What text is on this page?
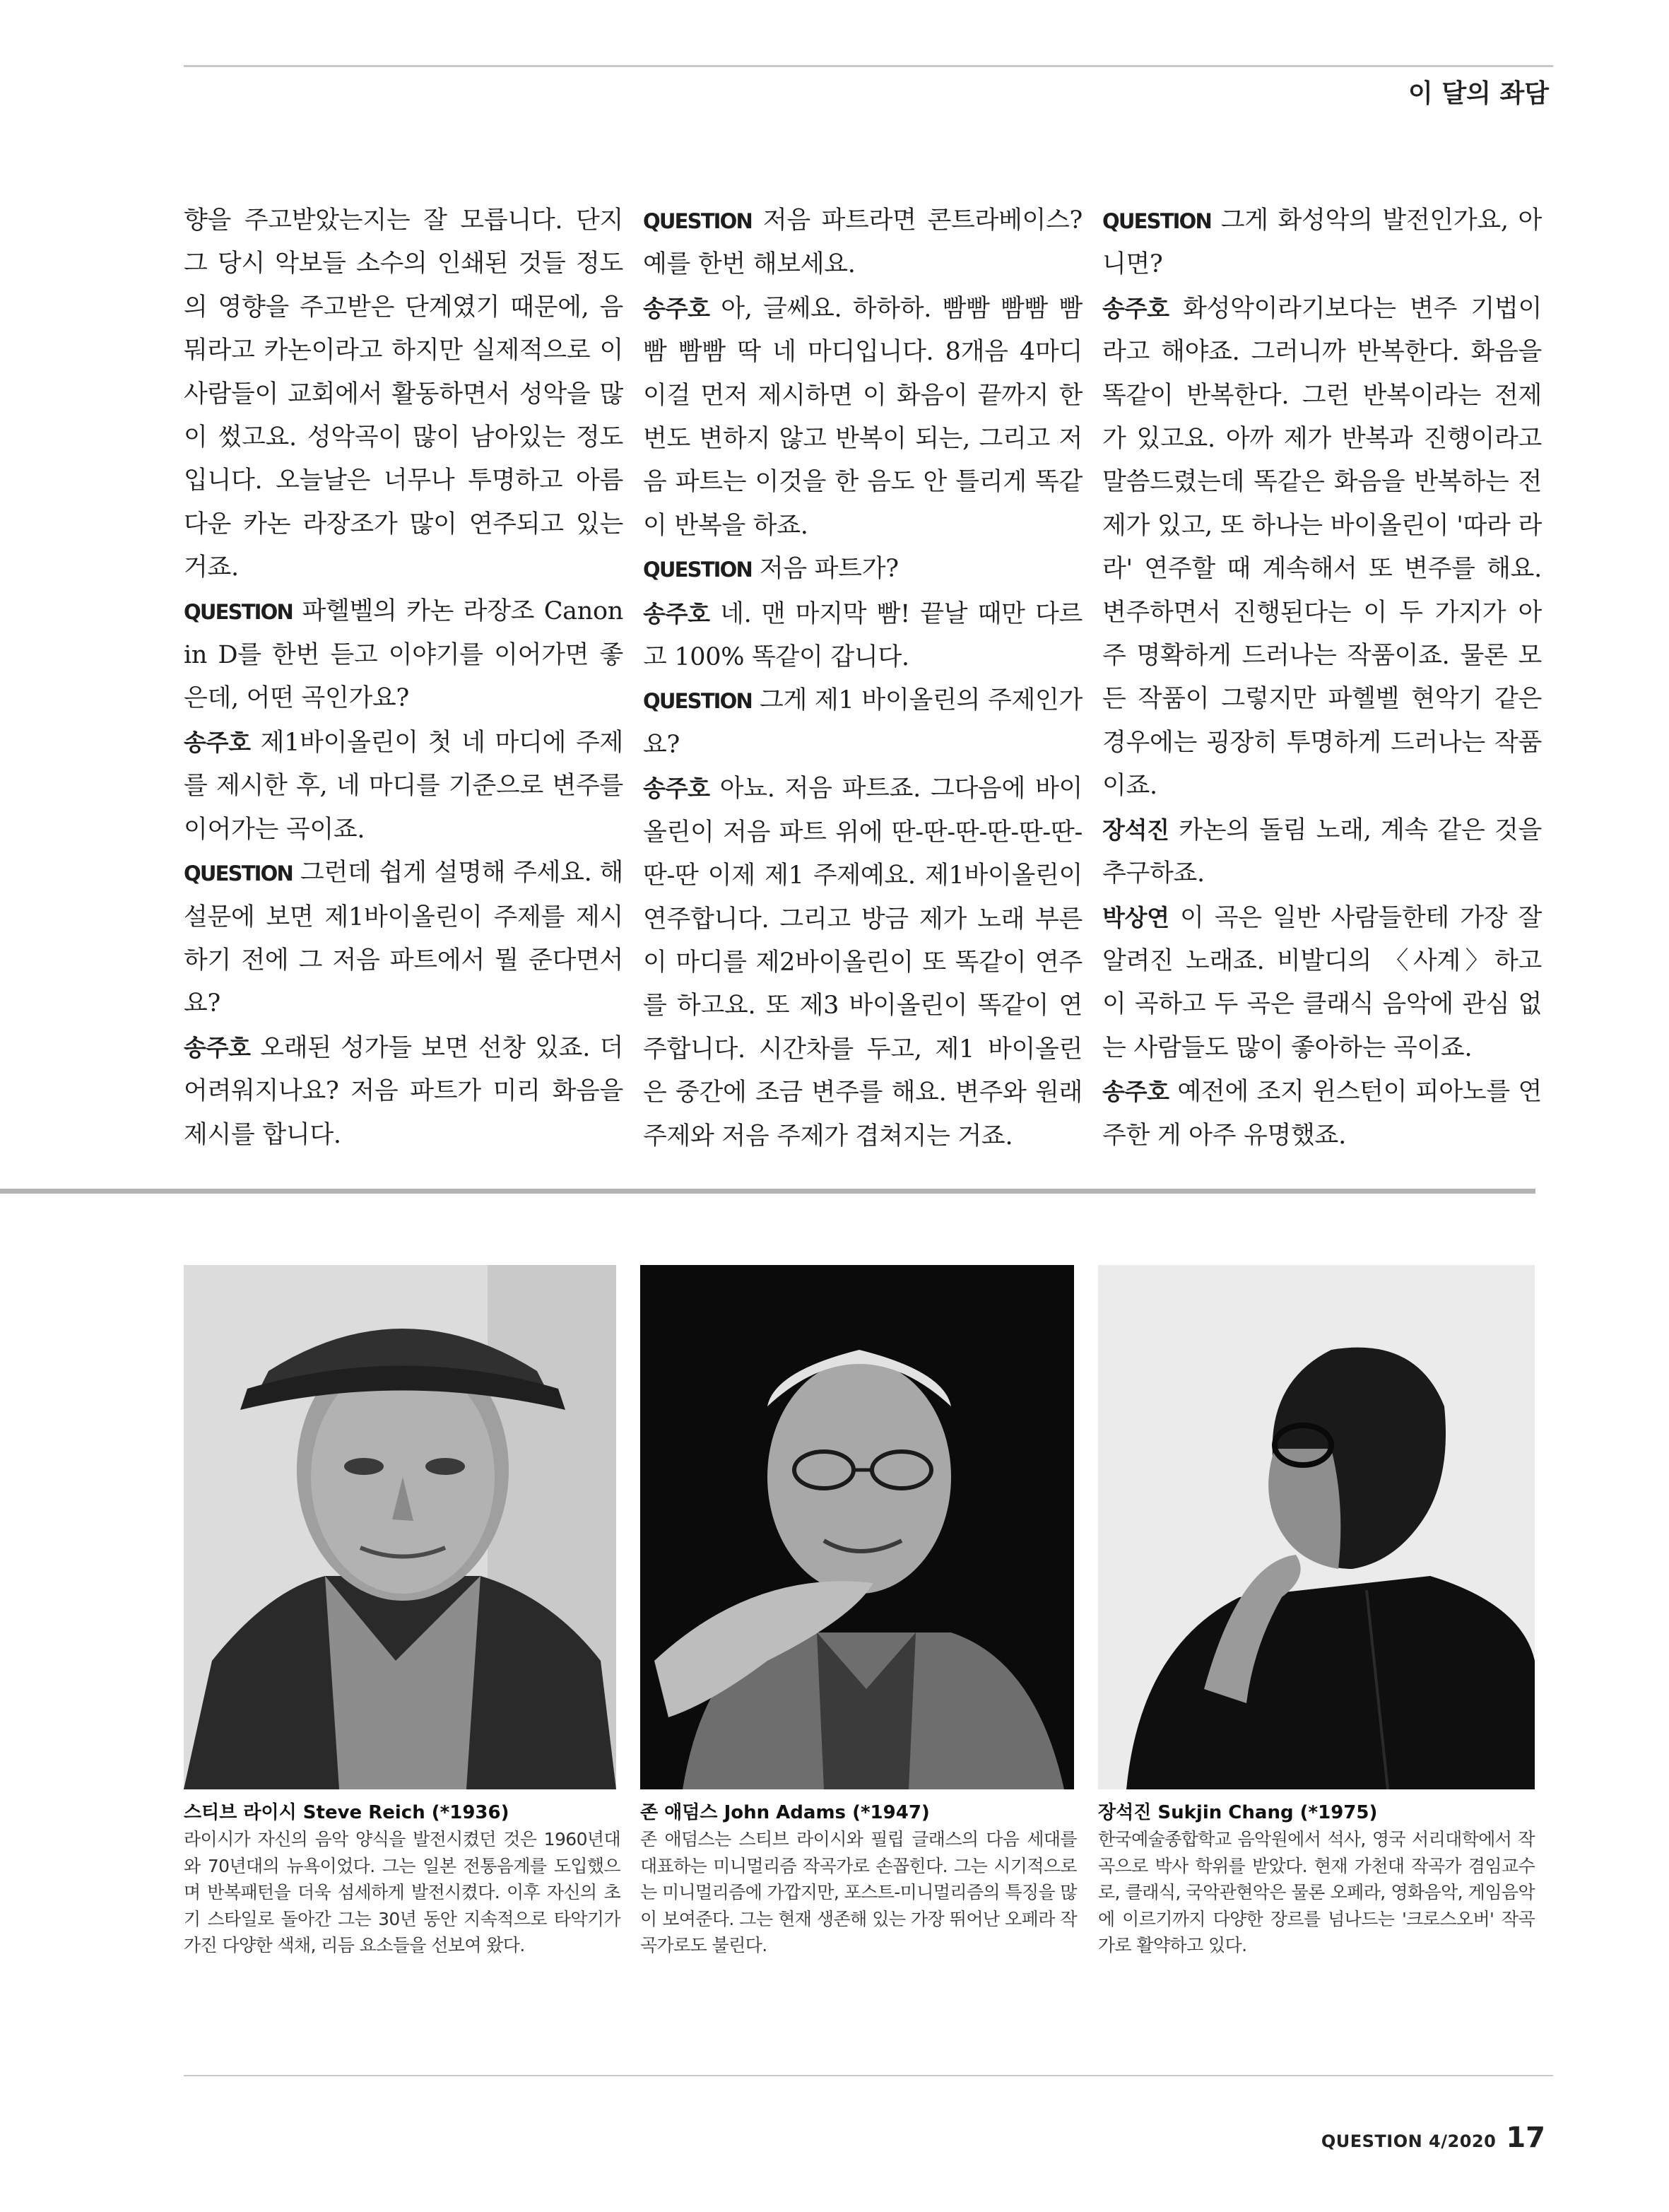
이 달의 좌담

향을 주고받았는지는 잘 모릅니다. 단지 그 당시 악보들 소수의 인쇄된 것들 정도의 영향을 주고받은 단계였기 때문에, 음 뭐라고 카논이라고 하지만 실제적으로 이 사람들이 교회에서 활동하면서 성악을 많이 썼고요. 성악곡이 많이 남아있는 정도입니다. 오늘날은 너무나 투명하고 아름다운 카논 라장조가 많이 연주되고 있는 거죠.

QUESTION 파헬벨의 카논 라장조 Canon in D를 한번 듣고 이야기를 이어가면 좋은데, 어떤 곡인가요?

송주호 제1바이올린이 첫 네 마디에 주제를 제시한 후, 네 마디를 기준으로 변주를 이어가는 곡이죠.

QUESTION 그런데 쉽게 설명해 주세요. 해설문에 보면 제1바이올린이 주제를 제시하기 전에 그 저음 파트에서 뭘 준다면서요?

송주호 오래된 성가들 보면 선창 있죠. 더 어려워지나요? 저음 파트가 미리 화음을 제시를 합니다.

QUESTION 저음 파트라면 콘트라베이스? 예를 한번 해보세요.

송주호 아, 글쎄요. 하하하. 빰빰 빰빰 빰빰 빰빰 딱 네 마디입니다. 8개음 4마디 이걸 먼저 제시하면 이 화음이 끝까지 한 번도 변하지 않고 반복이 되는, 그리고 저음 파트는 이것을 한 음도 안 틀리게 똑같이 반복을 하죠.

QUESTION 저음 파트가?

송주호 네. 맨 마지막 빰! 끝날 때만 다르고 100% 똑같이 갑니다.

QUESTION 그게 제1 바이올린의 주제인가요?

송주호 아뇨. 저음 파트죠. 그다음에 바이올린이 저음 파트 위에 딴-딴-딴-딴-딴-딴-딴-딴 이제 제1 주제예요. 제1바이올린이 연주합니다. 그리고 방금 제가 노래 부른 이 마디를 제2바이올린이 또 똑같이 연주를 하고요. 또 제3 바이올린이 똑같이 연주합니다. 시간차를 두고, 제1 바이올린은 중간에 조금 변주를 해요. 변주와 원래 주제와 저음 주제가 겹쳐지는 거죠.

QUESTION 그게 화성악의 발전인가요, 아니면?

송주호 화성악이라기보다는 변주 기법이라고 해야죠. 그러니까 반복한다. 화음을 똑같이 반복한다. 그런 반복이라는 전제가 있고요. 아까 제가 반복과 진행이라고 말씀드렸는데 똑같은 화음을 반복하는 전제가 있고, 또 하나는 바이올린이 '따라 라라' 연주할 때 계속해서 또 변주를 해요. 변주하면서 진행된다는 이 두 가지가 아주 명확하게 드러나는 작품이죠. 물론 모든 작품이 그렇지만 파헬벨 현악기 같은 경우에는 굉장히 투명하게 드러나는 작품이죠.

장석진 카논의 돌림 노래, 계속 같은 것을 추구하죠.

박상연 이 곡은 일반 사람들한테 가장 잘 알려진 노래죠. 비발디의 〈사계〉하고 이 곡하고 두 곡은 클래식 음악에 관심 없는 사람들도 많이 좋아하는 곡이죠.

송주호 예전에 조지 윈스턴이 피아노를 연주한 게 아주 유명했죠.

스티브 라이시 Steve Reich (*1936)
라이시가 자신의 음악 양식을 발전시켰던 것은 1960년대와 70년대의 뉴욕이었다. 그는 일본 전통음계를 도입했으며 반복패턴을 더욱 섬세하게 발전시켰다. 이후 자신의 초기 스타일로 돌아간 그는 30년 동안 지속적으로 타악기가 가진 다양한 색채, 리듬 요소들을 선보여 왔다.
존 애덤스 John Adams (*1947)
존 애덤스는 스티브 라이시와 필립 글래스의 다음 세대를 대표하는 미니멀리즘 작곡가로 손꼽힌다. 그는 시기적으로는 미니멀리즘에 가깝지만, 포스트-미니멀리즘의 특징을 많이 보여준다. 그는 현재 생존해 있는 가장 뛰어난 오페라 작곡가로도 불린다.
장석진 Sukjin Chang (*1975)
한국예술종합학교 음악원에서 석사, 영국 서리대학에서 작곡으로 박사 학위를 받았다. 현재 가천대 작곡가 겸임교수로, 클래식, 국악관현악은 물론 오페라, 영화음악, 게임음악에 이르기까지 다양한 장르를 넘나드는 '크로스오버' 작곡가로 활약하고 있다.
QUESTION 4/2020 17
